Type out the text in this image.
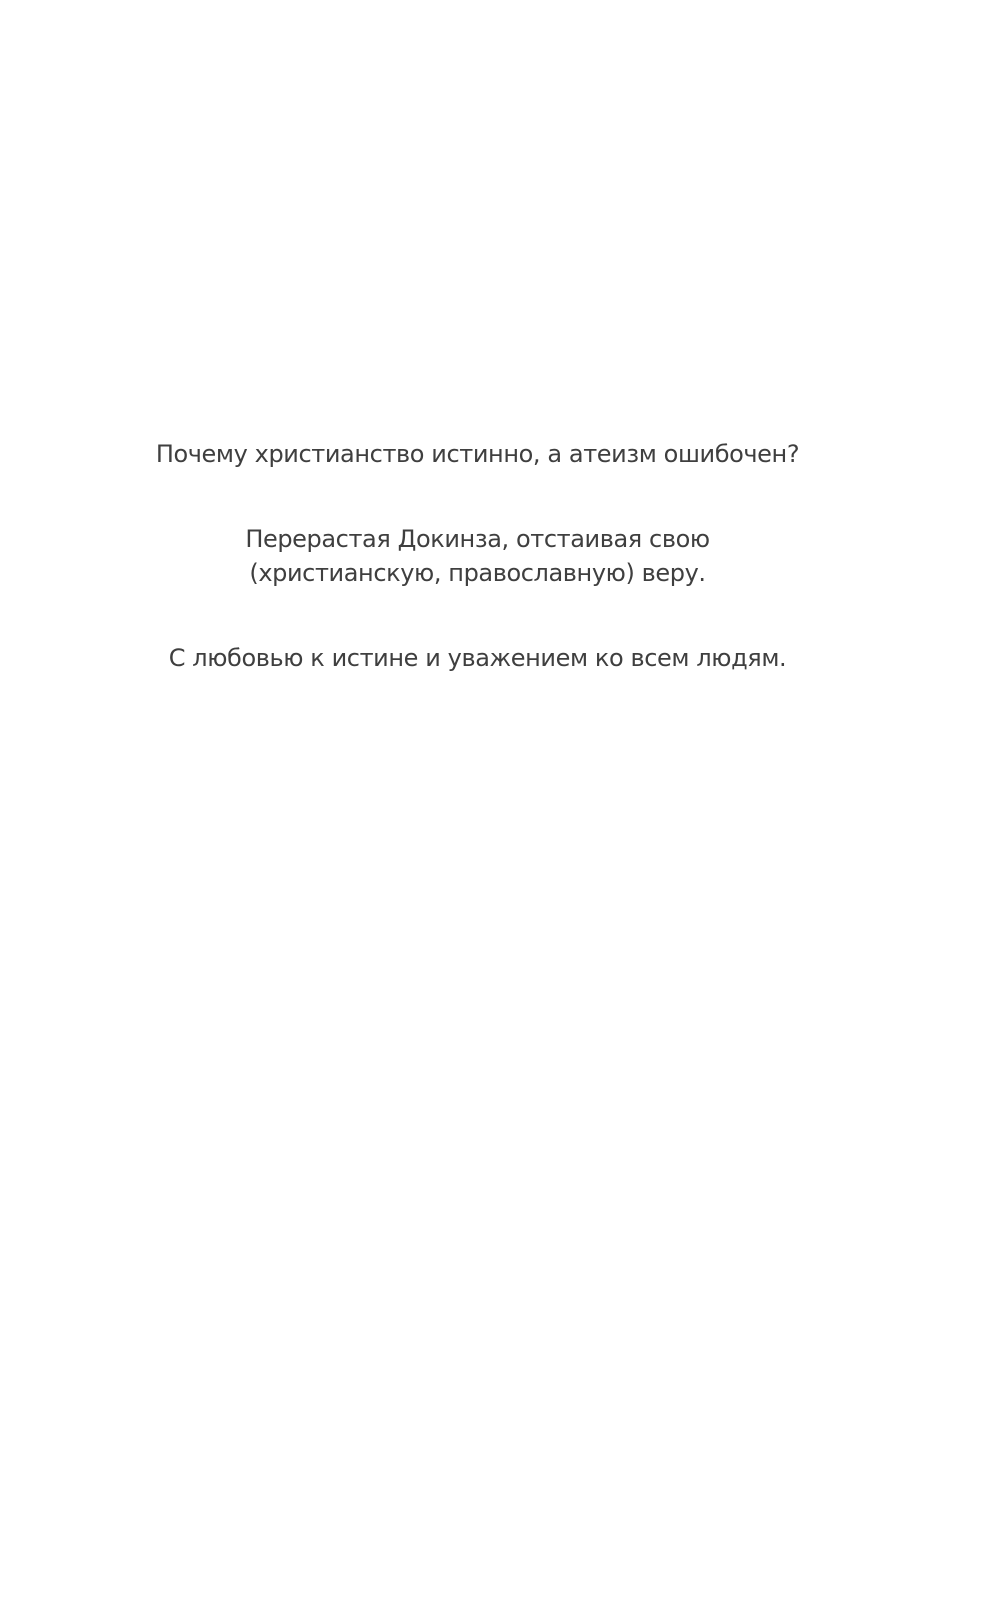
Почему христианство истинно, а атеизм ошибочен?
Перерастая Докинза, отстаивая свою
(христианскую, православную) веру.
С любовью к истине и уважением ко всем людям.
